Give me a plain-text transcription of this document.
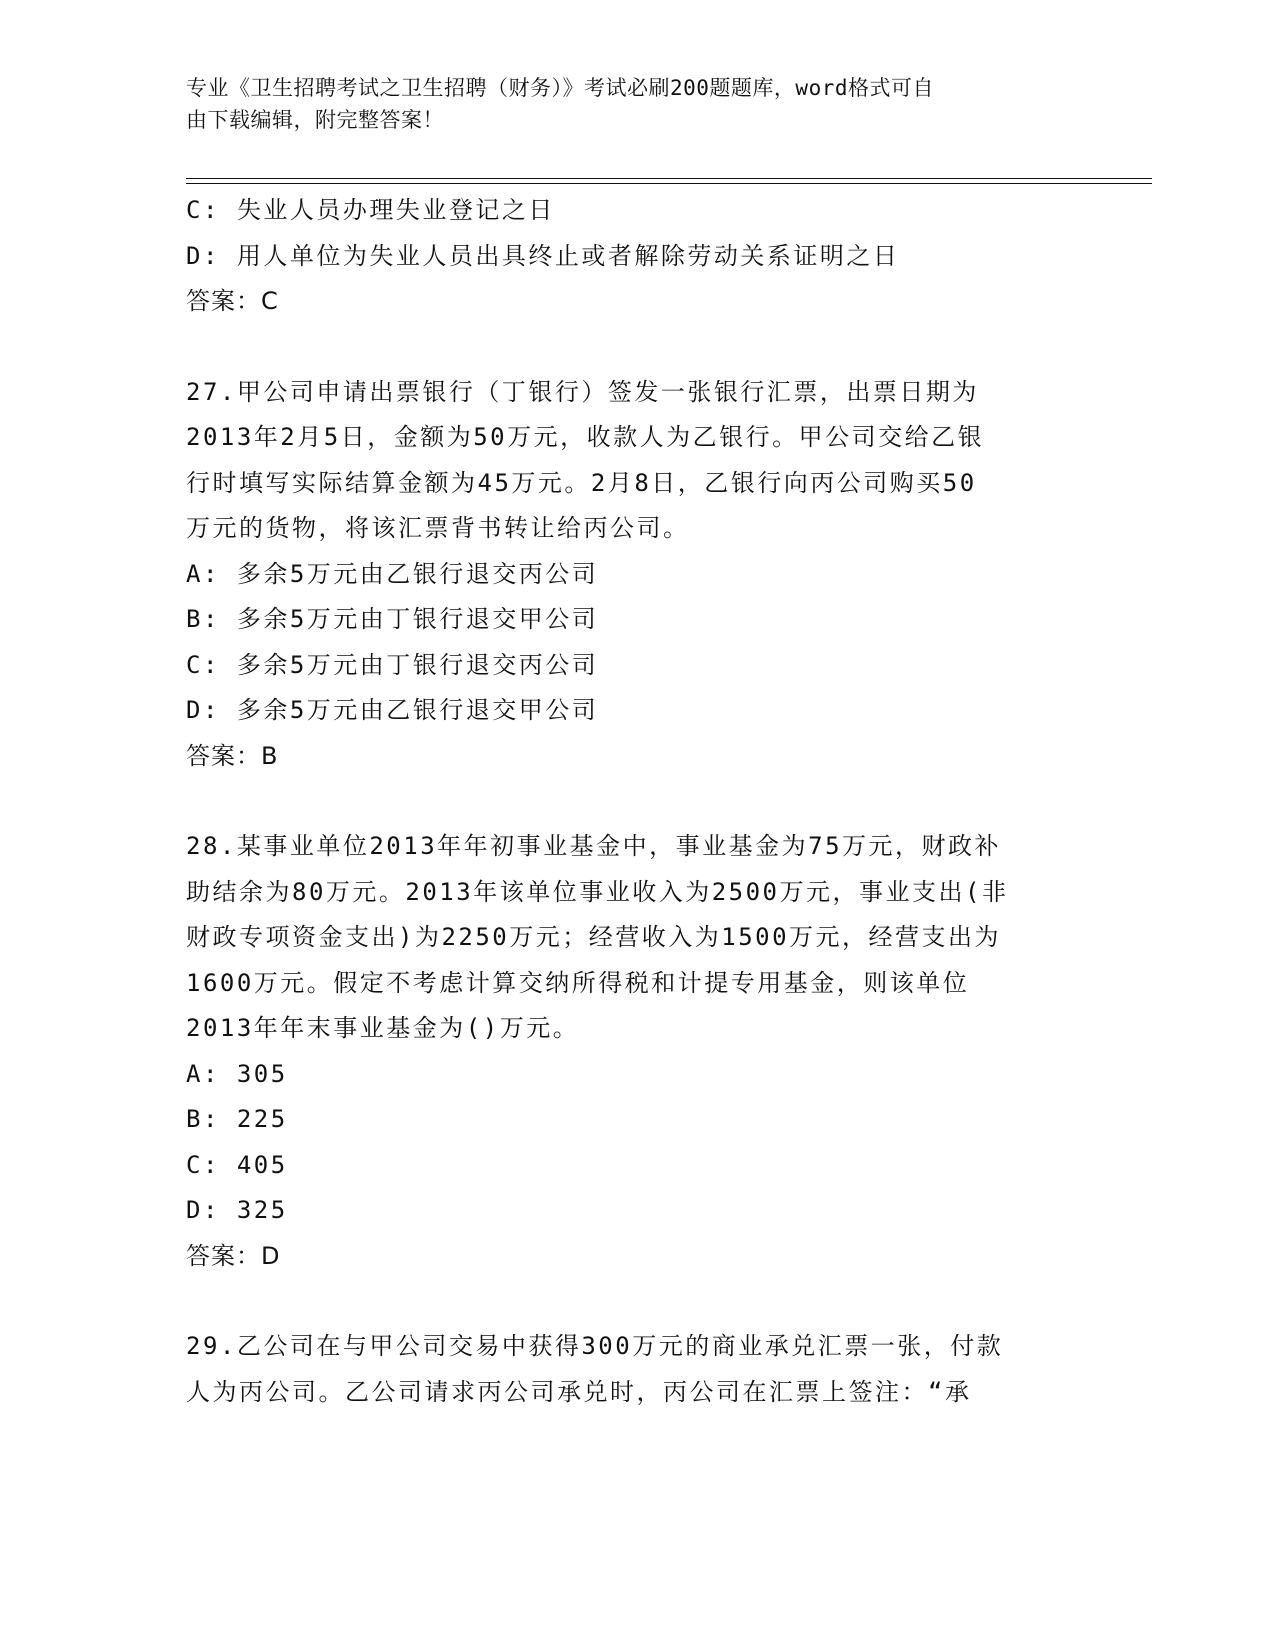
专业《卫生招聘考试之卫生招聘（财务）》考试必刷200题题库，word格式可自
由下载编辑，附完整答案！

C: 失业人员办理失业登记之日

D: 用人单位为失业人员出具终止或者解除劳动关系证明之日

答案：C

27.甲公司申请出票银行（丁银行）签发一张银行汇票，出票日期为

2013年2月5日，金额为50万元，收款人为乙银行。甲公司交给乙银

行时填写实际结算金额为45万元。2月8日，乙银行向丙公司购买50

万元的货物，将该汇票背书转让给丙公司。

A: 多余5万元由乙银行退交丙公司

B: 多余5万元由丁银行退交甲公司

C: 多余5万元由丁银行退交丙公司

D: 多余5万元由乙银行退交甲公司

答案：B

28.某事业单位2013年年初事业基金中，事业基金为75万元，财政补

助结余为80万元。2013年该单位事业收入为2500万元，事业支出(非

财政专项资金支出)为2250万元；经营收入为1500万元，经营支出为

1600万元。假定不考虑计算交纳所得税和计提专用基金，则该单位

2013年年末事业基金为()万元。

A: 305

B: 225

C: 405

D: 325

答案：D

29.乙公司在与甲公司交易中获得300万元的商业承兑汇票一张，付款

人为丙公司。乙公司请求丙公司承兑时，丙公司在汇票上签注：“承
